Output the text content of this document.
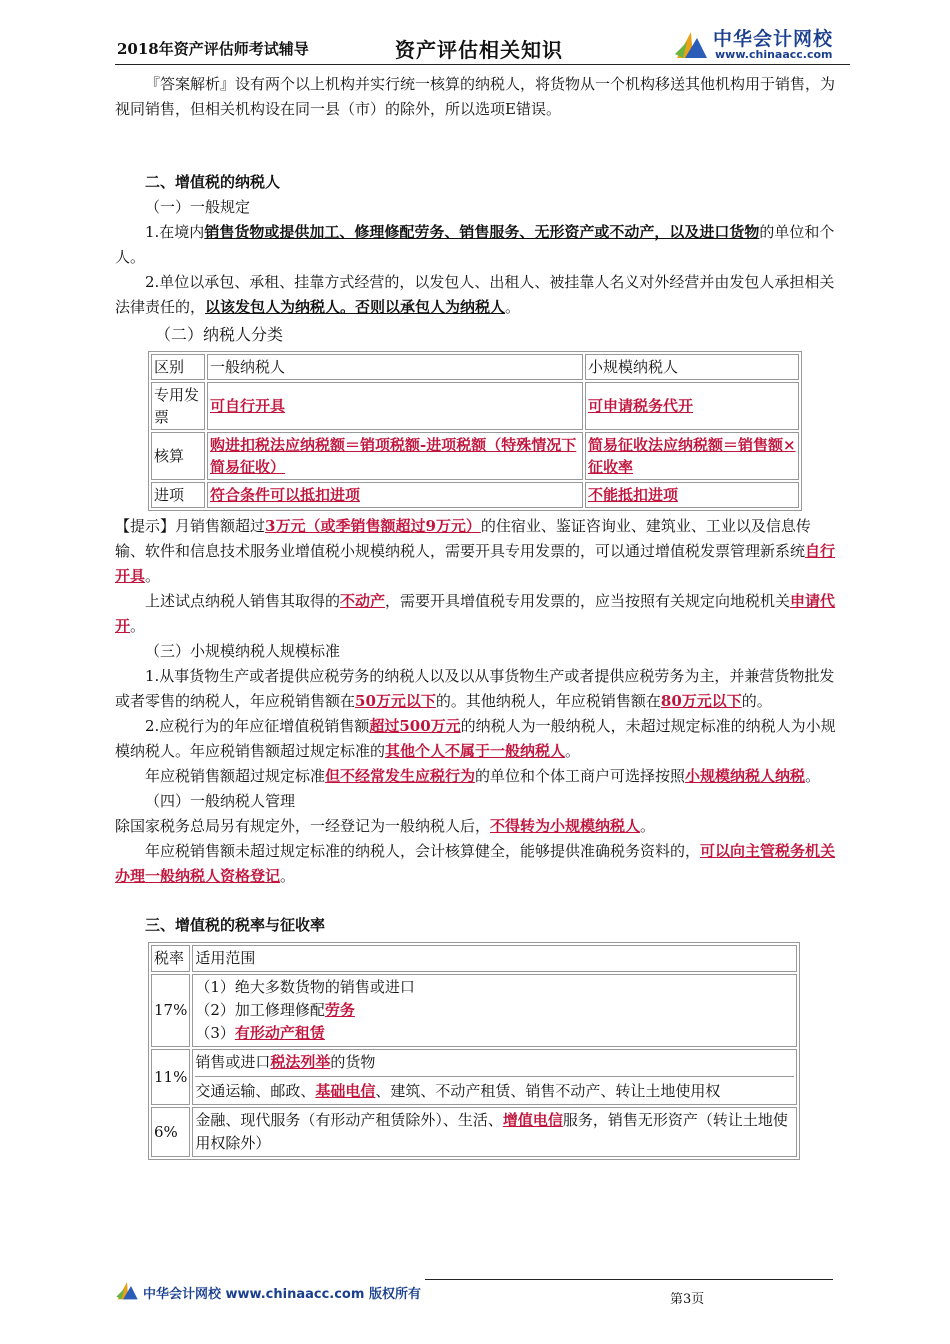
2018年资产评估师考试辅导	资产评估相关知识	中华会计网校
www.chinaacc.com

『答案解析』设有两个以上机构并实行统一核算的纳税人，将货物从一个机构移送其他机构用于销售，为视同销售，但相关机构设在同一县（市）的除外，所以选项E错误。

二、增值税的纳税人

（一）一般规定

1.在境内销售货物或提供加工、修理修配劳务、销售服务、无形资产或不动产，以及进口货物的单位和个人。

2.单位以承包、承租、挂靠方式经营的，以发包人、出租人、被挂靠人名义对外经营并由发包人承担相关法律责任的，以该发包人为纳税人。否则以承包人为纳税人。

（二）纳税人分类

区别	一般纳税人	小规模纳税人
专用发票	可自行开具	可申请税务代开
核算	购进扣税法应纳税额＝销项税额-进项税额（特殊情况下简易征收）	简易征收法应纳税额＝销售额×征收率
进项	符合条件可以抵扣进项	不能抵扣进项

【提示】月销售额超过3万元（或季销售额超过9万元）的住宿业、鉴证咨询业、建筑业、工业以及信息传输、软件和信息技术服务业增值税小规模纳税人，需要开具专用发票的，可以通过增值税发票管理新系统自行开具。

上述试点纳税人销售其取得的不动产，需要开具增值税专用发票的，应当按照有关规定向地税机关申请代开。

（三）小规模纳税人规模标准

1.从事货物生产或者提供应税劳务的纳税人以及以从事货物生产或者提供应税劳务为主，并兼营货物批发或者零售的纳税人，年应税销售额在50万元以下的。其他纳税人，年应税销售额在80万元以下的。

2.应税行为的年应征增值税销售额超过500万元的纳税人为一般纳税人，未超过规定标准的纳税人为小规模纳税人。年应税销售额超过规定标准的其他个人不属于一般纳税人。

年应税销售额超过规定标准但不经常发生应税行为的单位和个体工商户可选择按照小规模纳税人纳税。

（四）一般纳税人管理

除国家税务总局另有规定外，一经登记为一般纳税人后，不得转为小规模纳税人。

年应税销售额未超过规定标准的纳税人，会计核算健全，能够提供准确税务资料的，可以向主管税务机关办理一般纳税人资格登记。

三、增值税的税率与征收率

税率	适用范围
17%	（1）绝大多数货物的销售或进口
（2）加工修理修配劳务
（3）有形动产租赁

11%	销售或进口税法列举的货物
交通运输、邮政、基础电信、建筑、不动产租赁、销售不动产、转让土地使用权

6%	金融、现代服务（有形动产租赁除外）、生活、增值电信服务，销售无形资产（转让土地使用权除外）
中华会计网校 www.chinaacc.com 版权所有	第3页
